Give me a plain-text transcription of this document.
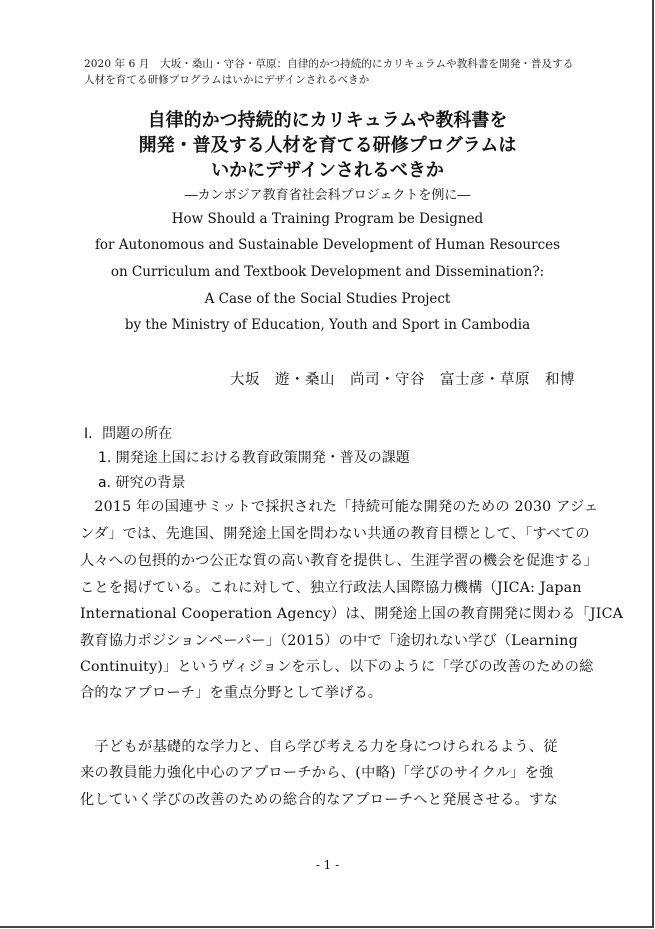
2020 年 6 月　大坂・桑山・守谷・草原：自律的かつ持続的にカリキュラムや教科書を開発・普及する
人材を育てる研修プログラムはいかにデザインされるべきか
自律的かつ持続的にカリキュラムや教科書を
開発・普及する人材を育てる研修プログラムは
いかにデザインされるべきか
―カンボジア教育省社会科プロジェクトを例に―
How Should a Training Program be Designed
for Autonomous and Sustainable Development of Human Resources
on Curriculum and Textbook Development and Dissemination?:
A Case of the Social Studies Project
by the Ministry of Education, Youth and Sport in Cambodia
大坂　遊・桑山　尚司・守谷　富士彦・草原　和博
Ⅰ．問題の所在
1. 開発途上国における教育政策開発・普及の課題
a. 研究の背景
　2015 年の国連サミットで採択された「持続可能な開発のための 2030 アジェ
ンダ」では、先進国、開発途上国を問わない共通の教育目標として、「すべての
人々への包摂的かつ公正な質の高い教育を提供し、生涯学習の機会を促進する」
ことを掲げている。これに対して、独立行政法人国際協力機構（JICA: Japan
International Cooperation Agency）は、開発途上国の教育開発に関わる「JICA
教育協力ポジションペーパー」（2015）の中で「途切れない学び（Learning
Continuity)」というヴィジョンを示し、以下のように「学びの改善のための総
合的なアプローチ」を重点分野として挙げる。
　子どもが基礎的な学力と、自ら学び考える力を身につけられるよう、従
来の教員能力強化中心のアプローチから、(中略)「学びのサイクル」を強
化していく学びの改善のための総合的なアプローチへと発展させる。すな
- 1 -
